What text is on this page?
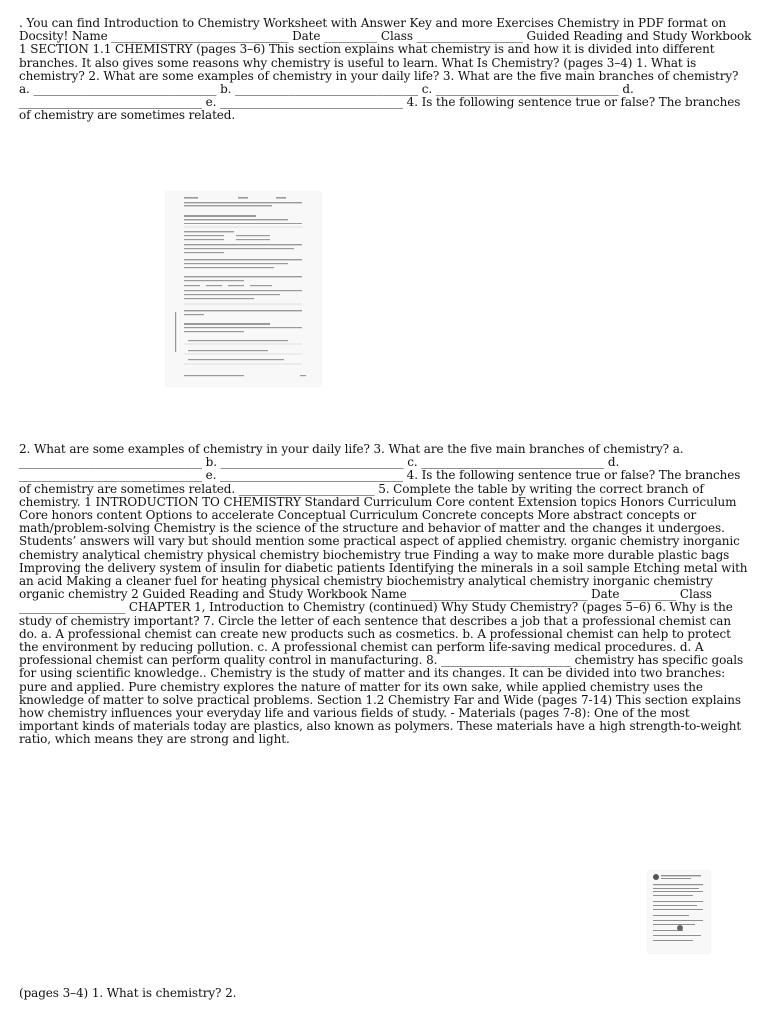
. You can find Introduction to Chemistry Worksheet with Answer Key and more Exercises Chemistry in PDF format on Docsity! Name ______________________________ Date _________ Class __________________ Guided Reading and Study Workbook 1 SECTION 1.1 CHEMISTRY (pages 3–6) This section explains what chemistry is and how it is divided into different branches. It also gives some reasons why chemistry is useful to learn. What Is Chemistry? (pages 3–4) 1. What is chemistry? 2. What are some examples of chemistry in your daily life? 3. What are the five main branches of chemistry? a. _______________________________ b. _______________________________ c. _______________________________ d. _______________________________ e. _______________________________ 4. Is the following sentence true or false? The branches of chemistry are sometimes related.
2. What are some examples of chemistry in your daily life? 3. What are the five main branches of chemistry? a. _______________________________ b. _______________________________ c. _______________________________ d. _______________________________ e. _______________________________ 4. Is the following sentence true or false? The branches of chemistry are sometimes related. _______________________ 5. Complete the table by writing the correct branch of chemistry. 1 INTRODUCTION TO CHEMISTRY Standard Curriculum Core content Extension topics Honors Curriculum Core honors content Options to accelerate Conceptual Curriculum Concrete concepts More abstract concepts or math/problem-solving Chemistry is the science of the structure and behavior of matter and the changes it undergoes. Students’ answers will vary but should mention some practical aspect of applied chemistry. organic chemistry inorganic chemistry analytical chemistry physical chemistry biochemistry true Finding a way to make more durable plastic bags Improving the delivery system of insulin for diabetic patients Identifying the minerals in a soil sample Etching metal with an acid Making a cleaner fuel for heating physical chemistry biochemistry analytical chemistry inorganic chemistry organic chemistry 2 Guided Reading and Study Workbook Name ______________________________ Date _________ Class __________________ CHAPTER 1, Introduction to Chemistry (continued) Why Study Chemistry? (pages 5–6) 6. Why is the study of chemistry important? 7. Circle the letter of each sentence that describes a job that a professional chemist can do. a. A professional chemist can create new products such as cosmetics. b. A professional chemist can help to protect the environment by reducing pollution. c. A professional chemist can perform life-saving medical procedures. d. A professional chemist can perform quality control in manufacturing. 8. ______________________ chemistry has specific goals for using scientific knowledge.. Chemistry is the study of matter and its changes. It can be divided into two branches: pure and applied. Pure chemistry explores the nature of matter for its own sake, while applied chemistry uses the knowledge of matter to solve practical problems. Section 1.2 Chemistry Far and Wide (pages 7-14) This section explains how chemistry influences your everyday life and various fields of study. - Materials (pages 7-8): One of the most important kinds of materials today are plastics, also known as polymers. These materials have a high strength-to-weight ratio, which means they are strong and light.
(pages 3–4) 1. What is chemistry? 2.
